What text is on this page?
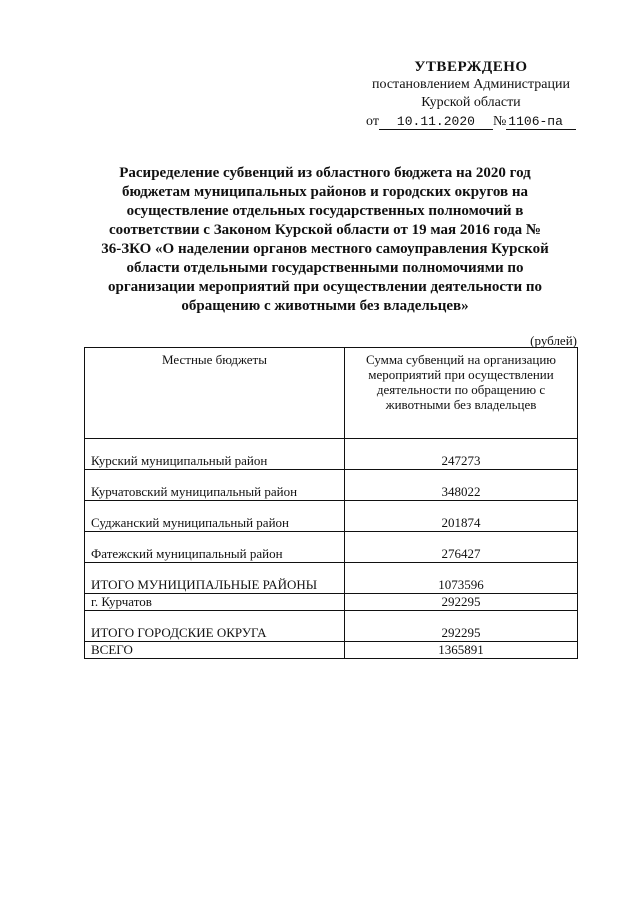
УТВЕРЖДЕНО
постановлением Администрации
Курской области
от 10.11.2020 № 1106-па
Расиределение субвенций из областного бюджета на 2020 год бюджетам муниципальных районов и городских округов на осуществление отдельных государственных полномочий в соответствии с Законом Курской области от 19 мая 2016 года № 36-ЗКО «О наделении органов местного самоуправления Курской области отдельными государственными полномочиями по организации мероприятий при осуществлении деятельности по обращению с животными без владельцев»
(рублей)
Местные бюджеты	Сумма субвенций на организацию мероприятий при осуществлении деятельности по обращению с животными без владельцев
Курский муниципальный район	247273
Курчатовский муниципальный район	348022
Суджанский муниципальный район	201874
Фатежский муниципальный район	276427
ИТОГО МУНИЦИПАЛЬНЫЕ РАЙОНЫ	1073596
г. Курчатов	292295
ИТОГО ГОРОДСКИЕ ОКРУГА	292295
ВСЕГО	1365891
